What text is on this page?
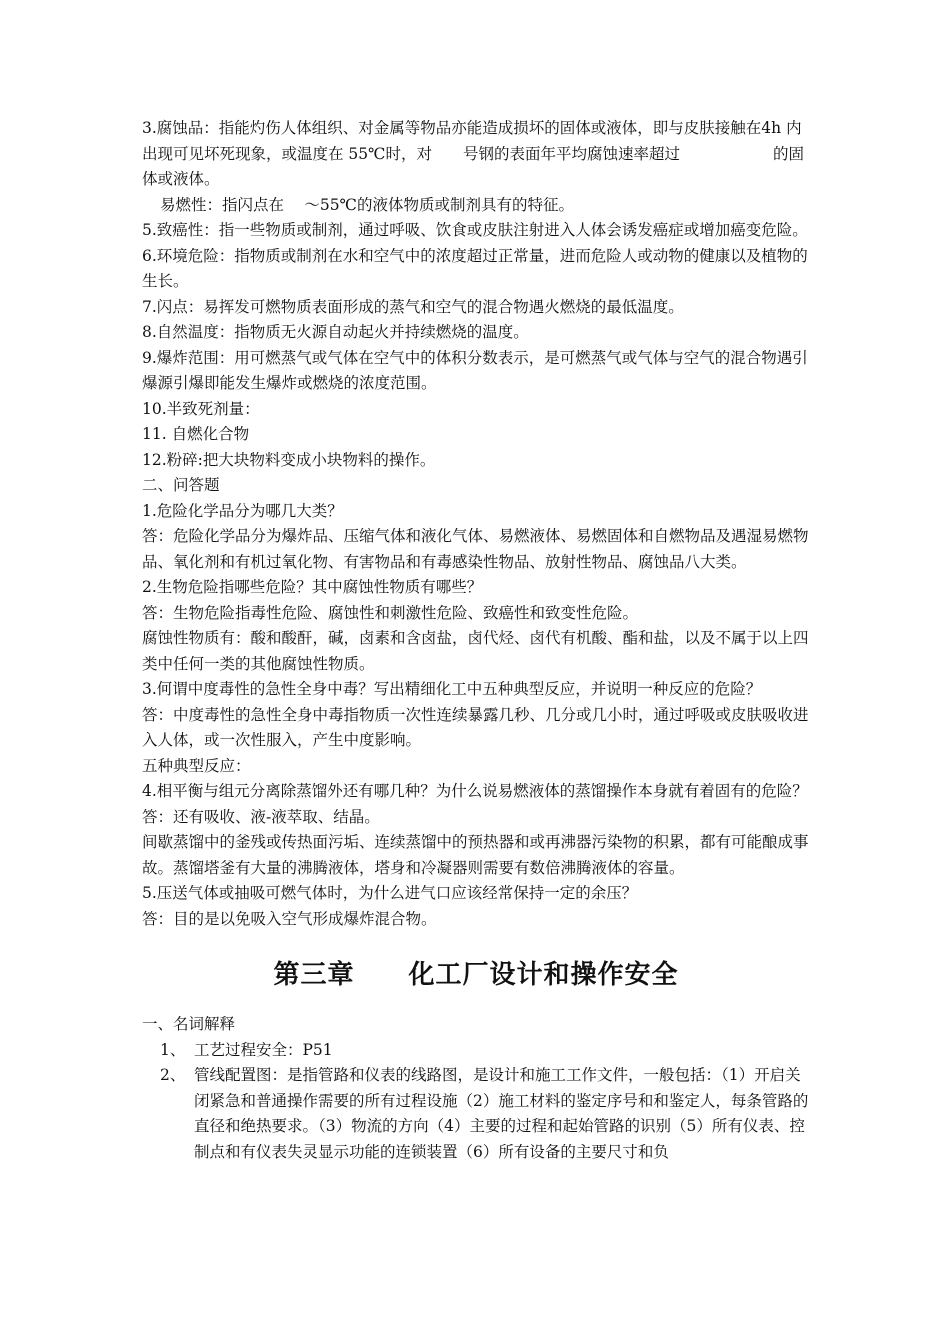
3.腐蚀品：指能灼伤人体组织、对金属等物品亦能造成损坏的固体或液体，即与皮肤接触在4h 内出现可见坏死现象，或温度在 55℃时，对　　号钢的表面年平均腐蚀速率超过　　　　　　的固体或液体。

易燃性：指闪点在　 ～55℃的液体物质或制剂具有的特征。

5.致癌性：指一些物质或制剂，通过呼吸、饮食或皮肤注射进入人体会诱发癌症或增加癌变危险。

6.环境危险：指物质或制剂在水和空气中的浓度超过正常量，进而危险人或动物的健康以及植物的生长。

7.闪点：易挥发可燃物质表面形成的蒸气和空气的混合物遇火燃烧的最低温度。

8.自然温度：指物质无火源自动起火并持续燃烧的温度。

9.爆炸范围：用可燃蒸气或气体在空气中的体积分数表示，是可燃蒸气或气体与空气的混合物遇引爆源引爆即能发生爆炸或燃烧的浓度范围。

10.半致死剂量：

11. 自燃化合物

12.粉碎:把大块物料变成小块物料的操作。

二、问答题

1.危险化学品分为哪几大类？

答：危险化学品分为爆炸品、压缩气体和液化气体、易燃液体、易燃固体和自燃物品及遇湿易燃物品、氧化剂和有机过氧化物、有害物品和有毒感染性物品、放射性物品、腐蚀品八大类。

2.生物危险指哪些危险？其中腐蚀性物质有哪些？

答：生物危险指毒性危险、腐蚀性和刺激性危险、致癌性和致变性危险。

腐蚀性物质有：酸和酸酐，碱，卤素和含卤盐，卤代烃、卤代有机酸、酯和盐，以及不属于以上四类中任何一类的其他腐蚀性物质。

3.何谓中度毒性的急性全身中毒？写出精细化工中五种典型反应，并说明一种反应的危险？

答：中度毒性的急性全身中毒指物质一次性连续暴露几秒、几分或几小时，通过呼吸或皮肤吸收进入人体，或一次性服入，产生中度影响。

五种典型反应：

4.相平衡与组元分离除蒸馏外还有哪几种？为什么说易燃液体的蒸馏操作本身就有着固有的危险？

答：还有吸收、液-液萃取、结晶。

间歇蒸馏中的釜残或传热面污垢、连续蒸馏中的预热器和或再沸器污染物的积累，都有可能酿成事故。蒸馏塔釜有大量的沸腾液体，塔身和冷凝器则需要有数倍沸腾液体的容量。

5.压送气体或抽吸可燃气体时，为什么进气口应该经常保持一定的余压？

答：目的是以免吸入空气形成爆炸混合物。

第三章　　化工厂设计和操作安全

一、名词解释

1、 工艺过程安全：P51
2、 管线配置图：是指管路和仪表的线路图，是设计和施工工作文件，一般包括：（1）开启关闭紧急和普通操作需要的所有过程设施（2）施工材料的鉴定序号和和鉴定人，每条管路的直径和绝热要求。（3）物流的方向（4）主要的过程和起始管路的识别（5）所有仪表、控制点和有仪表失灵显示功能的连锁装置（6）所有设备的主要尺寸和负
